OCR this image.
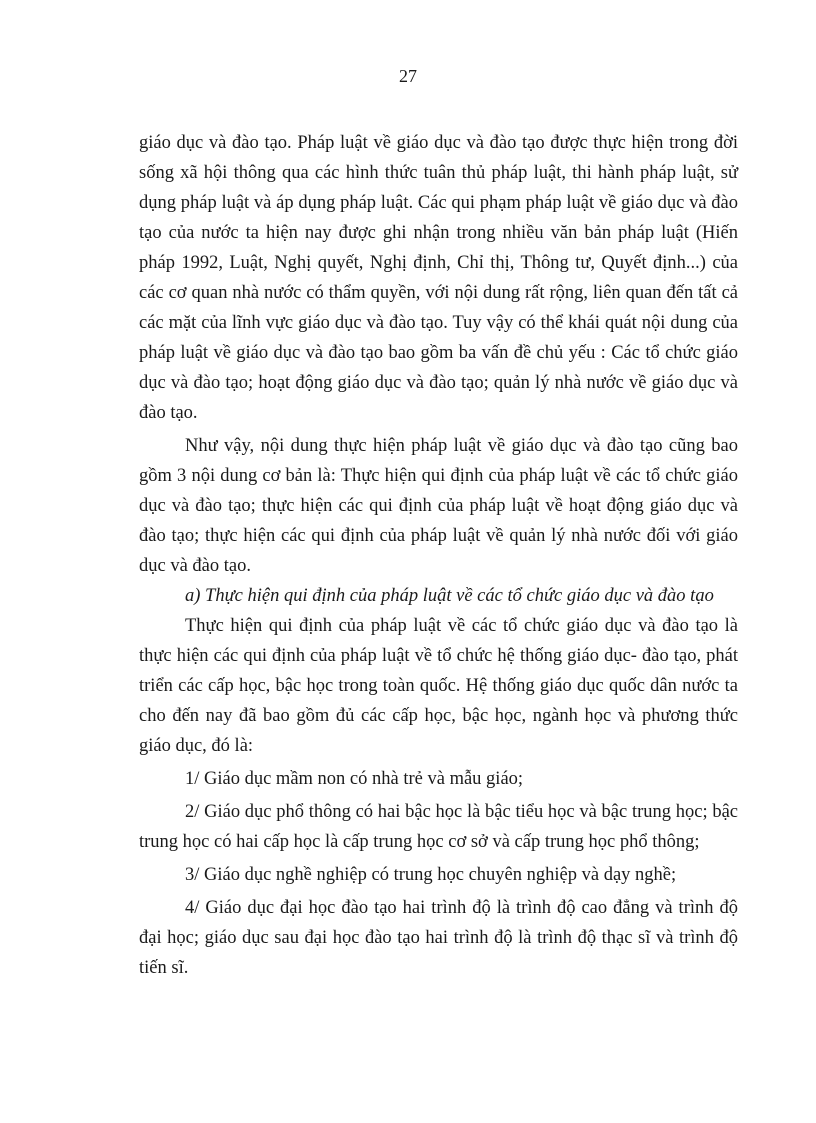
27

giáo dục và đào tạo. Pháp luật về giáo dục và đào tạo được thực hiện trong đời sống xã hội thông qua các hình thức tuân thủ pháp luật, thi hành pháp luật, sử dụng pháp luật và áp dụng pháp luật. Các qui phạm pháp luật về giáo dục và đào tạo của nước ta hiện nay được ghi nhận trong nhiều văn bản pháp luật (Hiến pháp 1992, Luật, Nghị quyết, Nghị định, Chỉ thị, Thông tư, Quyết định...) của các cơ quan nhà nước có thẩm quyền, với nội dung rất rộng, liên quan đến tất cả các mặt của lĩnh vực giáo dục và đào tạo. Tuy vậy có thể khái quát nội dung của pháp luật về giáo dục và đào tạo bao gồm ba vấn đề chủ yếu : Các tổ chức giáo dục và đào tạo; hoạt động giáo dục và đào tạo; quản lý nhà nước về giáo dục và đào tạo.

Như vậy, nội dung thực hiện pháp luật về giáo dục và đào tạo cũng bao gồm 3 nội dung cơ bản là: Thực hiện qui định của pháp luật về các tổ chức giáo dục và đào tạo; thực hiện các qui định của pháp luật về hoạt động giáo dục và đào tạo; thực hiện các qui định của pháp luật về quản lý nhà nước đối với giáo dục và đào tạo.

a) Thực hiện qui định của pháp luật về các tổ chức giáo dục và đào tạo

Thực hiện qui định của pháp luật về các tổ chức giáo dục và đào tạo là thực hiện các qui định của pháp luật về tổ chức hệ thống giáo dục- đào tạo, phát triển các cấp học, bậc học trong toàn quốc. Hệ thống giáo dục quốc dân nước ta cho đến nay đã bao gồm đủ các cấp học, bậc học, ngành học và phương thức giáo dục, đó là:

1/ Giáo dục mầm non có nhà trẻ và mẫu giáo;

2/ Giáo dục phổ thông có hai bậc học là bậc tiểu học và bậc trung học; bậc trung học có hai cấp học là cấp trung học cơ sở và cấp trung học phổ thông;

3/ Giáo dục nghề nghiệp có trung học chuyên nghiệp và dạy nghề;

4/ Giáo dục đại học đào tạo hai trình độ là trình độ cao đẳng và trình độ đại học; giáo dục sau đại học đào tạo hai trình độ là trình độ thạc sĩ và trình độ tiến sĩ.
